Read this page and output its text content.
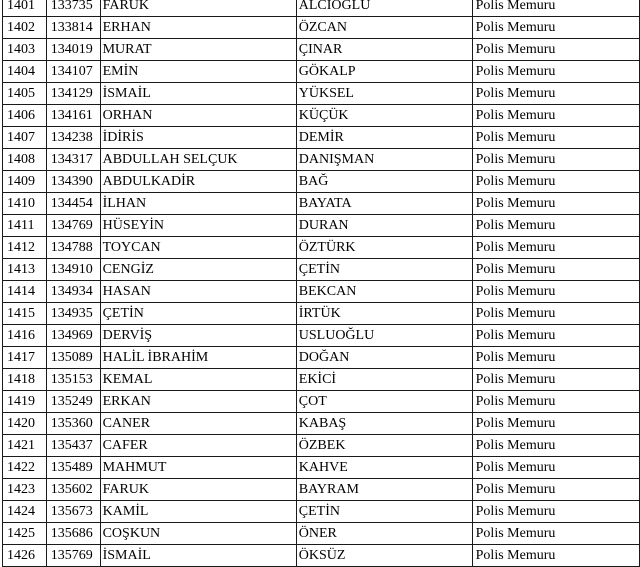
1401	133735	FARUK	ALCIOGLU	Polis Memuru
1402	133814	ERHAN	ÖZCAN	Polis Memuru
1403	134019	MURAT	ÇINAR	Polis Memuru
1404	134107	EMİN	GÖKALP	Polis Memuru
1405	134129	İSMAİL	YÜKSEL	Polis Memuru
1406	134161	ORHAN	KÜÇÜK	Polis Memuru
1407	134238	İDİRİS	DEMİR	Polis Memuru
1408	134317	ABDULLAH SELÇUK	DANIŞMAN	Polis Memuru
1409	134390	ABDULKADİR	BAĞ	Polis Memuru
1410	134454	İLHAN	BAYATA	Polis Memuru
1411	134769	HÜSEYİN	DURAN	Polis Memuru
1412	134788	TOYCAN	ÖZTÜRK	Polis Memuru
1413	134910	CENGİZ	ÇETİN	Polis Memuru
1414	134934	HASAN	BEKCAN	Polis Memuru
1415	134935	ÇETİN	İRTÜK	Polis Memuru
1416	134969	DERVİŞ	USLUOĞLU	Polis Memuru
1417	135089	HALİL İBRAHİM	DOĞAN	Polis Memuru
1418	135153	KEMAL	EKİCİ	Polis Memuru
1419	135249	ERKAN	ÇOT	Polis Memuru
1420	135360	CANER	KABAŞ	Polis Memuru
1421	135437	CAFER	ÖZBEK	Polis Memuru
1422	135489	MAHMUT	KAHVE	Polis Memuru
1423	135602	FARUK	BAYRAM	Polis Memuru
1424	135673	KAMİL	ÇETİN	Polis Memuru
1425	135686	COŞKUN	ÖNER	Polis Memuru
1426	135769	İSMAİL	ÖKSÜZ	Polis Memuru
